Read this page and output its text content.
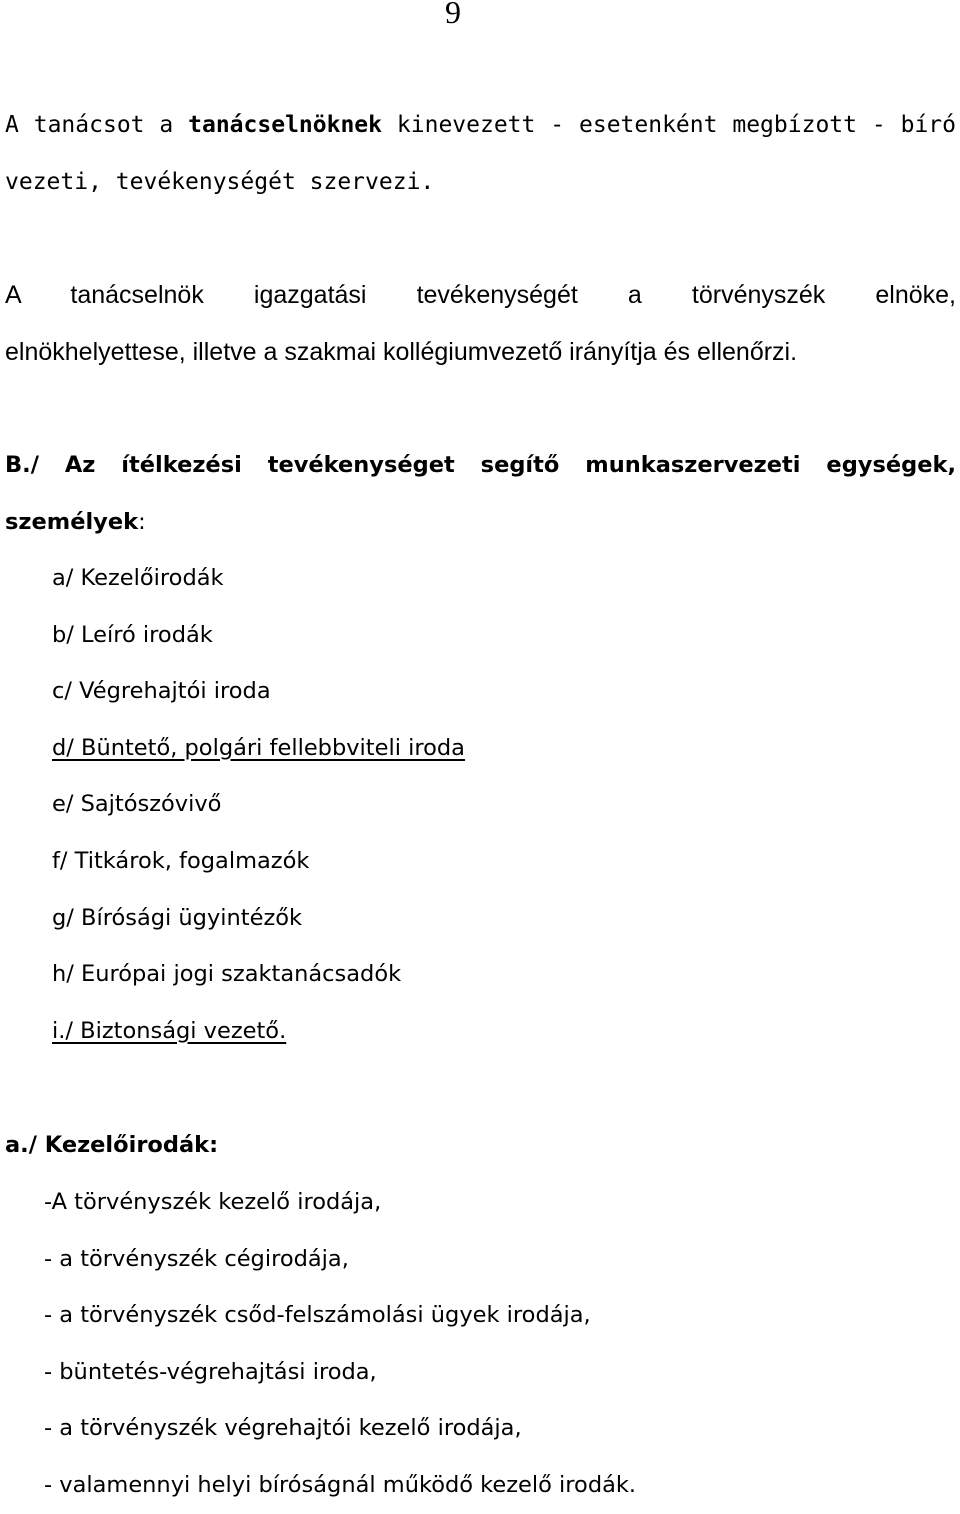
9
A tanácsot a tanácselnöknek kinevezett - esetenként megbízott - bíró
vezeti, tevékenységét szervezi.
A tanácselnök igazgatási tevékenységét a törvényszék elnöke,
elnökhelyettese, illetve a szakmai kollégiumvezető irányítja és ellenőrzi.
B./ Az ítélkezési tevékenységet segítő munkaszervezeti egységek,
személyek:
a/ Kezelőirodák
b/ Leíró irodák
c/ Végrehajtói iroda
d/ Büntető, polgári fellebbviteli iroda
e/ Sajtószóvivő
f/ Titkárok, fogalmazók
g/ Bírósági ügyintézők
h/ Európai jogi szaktanácsadók
i./ Biztonsági vezető.
a./ Kezelőirodák:
-A törvényszék kezelő irodája,
- a törvényszék cégirodája,
- a törvényszék csőd-felszámolási ügyek irodája,
- büntetés-végrehajtási iroda,
- a törvényszék végrehajtói kezelő irodája,
- valamennyi helyi bíróságnál működő kezelő irodák.
